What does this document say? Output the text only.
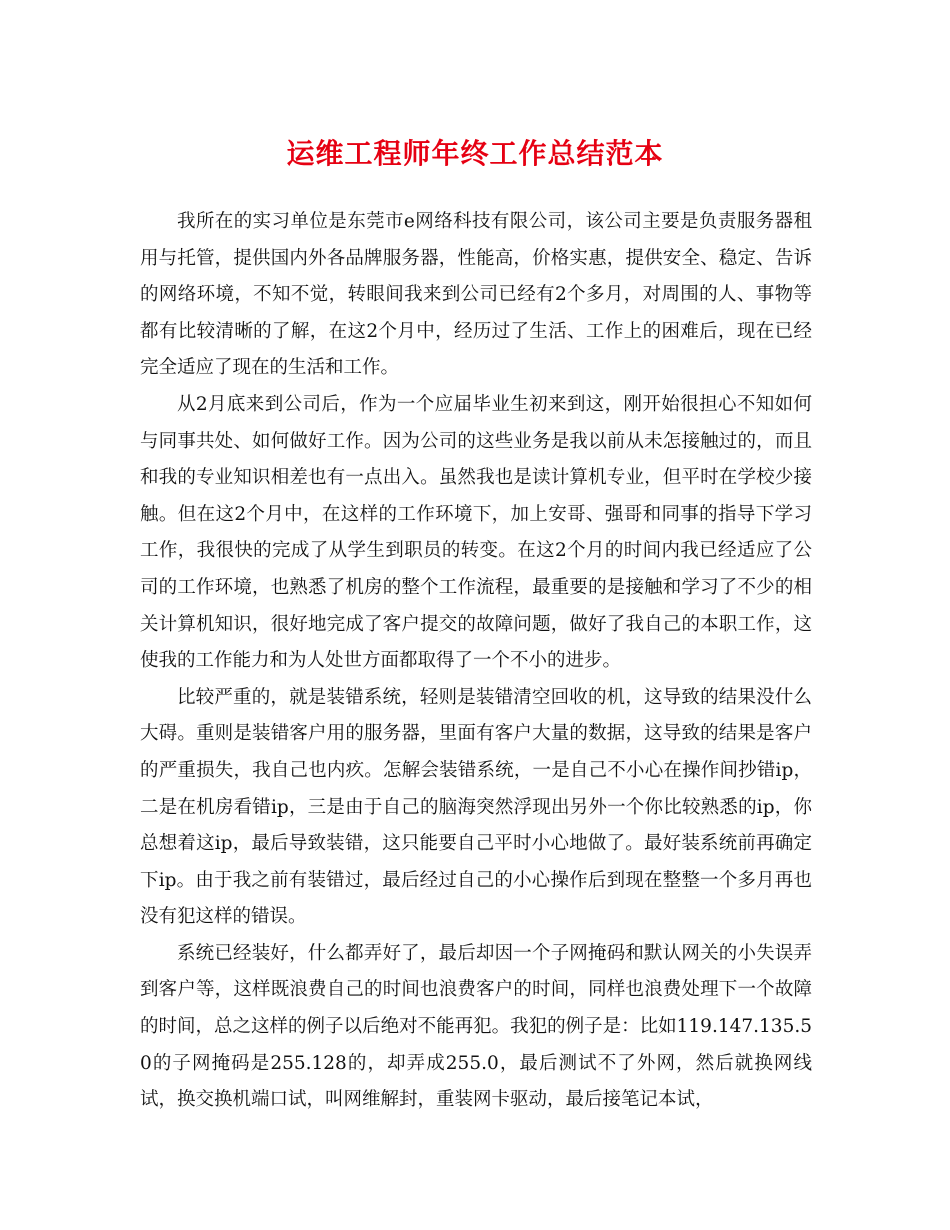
运维工程师年终工作总结范本

我所在的实习单位是东莞市e网络科技有限公司，该公司主要是负责服务器租用与托管，提供国内外各品牌服务器，性能高，价格实惠，提供安全、稳定、告诉的网络环境，不知不觉，转眼间我来到公司已经有2个多月，对周围的人、事物等都有比较清晰的了解，在这2个月中，经历过了生活、工作上的困难后，现在已经完全适应了现在的生活和工作。

从2月底来到公司后，作为一个应届毕业生初来到这，刚开始很担心不知如何与同事共处、如何做好工作。因为公司的这些业务是我以前从未怎接触过的，而且和我的专业知识相差也有一点出入。虽然我也是读计算机专业，但平时在学校少接触。但在这2个月中，在这样的工作环境下，加上安哥、强哥和同事的指导下学习工作，我很快的完成了从学生到职员的转变。在这2个月的时间内我已经适应了公司的工作环境，也熟悉了机房的整个工作流程，最重要的是接触和学习了不少的相关计算机知识，很好地完成了客户提交的故障问题，做好了我自己的本职工作，这使我的工作能力和为人处世方面都取得了一个不小的进步。

比较严重的，就是装错系统，轻则是装错清空回收的机，这导致的结果没什么大碍。重则是装错客户用的服务器，里面有客户大量的数据，这导致的结果是客户的严重损失，我自己也内疚。怎解会装错系统，一是自己不小心在操作间抄错ip，二是在机房看错ip，三是由于自己的脑海突然浮现出另外一个你比较熟悉的ip，你总想着这ip，最后导致装错，这只能要自己平时小心地做了。最好装系统前再确定下ip。由于我之前有装错过，最后经过自己的小心操作后到现在整整一个多月再也没有犯这样的错误。

系统已经装好，什么都弄好了，最后却因一个子网掩码和默认网关的小失误弄到客户等，这样既浪费自己的时间也浪费客户的时间，同样也浪费处理下一个故障的时间，总之这样的例子以后绝对不能再犯。我犯的例子是：比如119.147.135.50的子网掩码是255.128的，却弄成255.0，最后测试不了外网，然后就换网线试，换交换机端口试，叫网维解封，重装网卡驱动，最后接笔记本试，
